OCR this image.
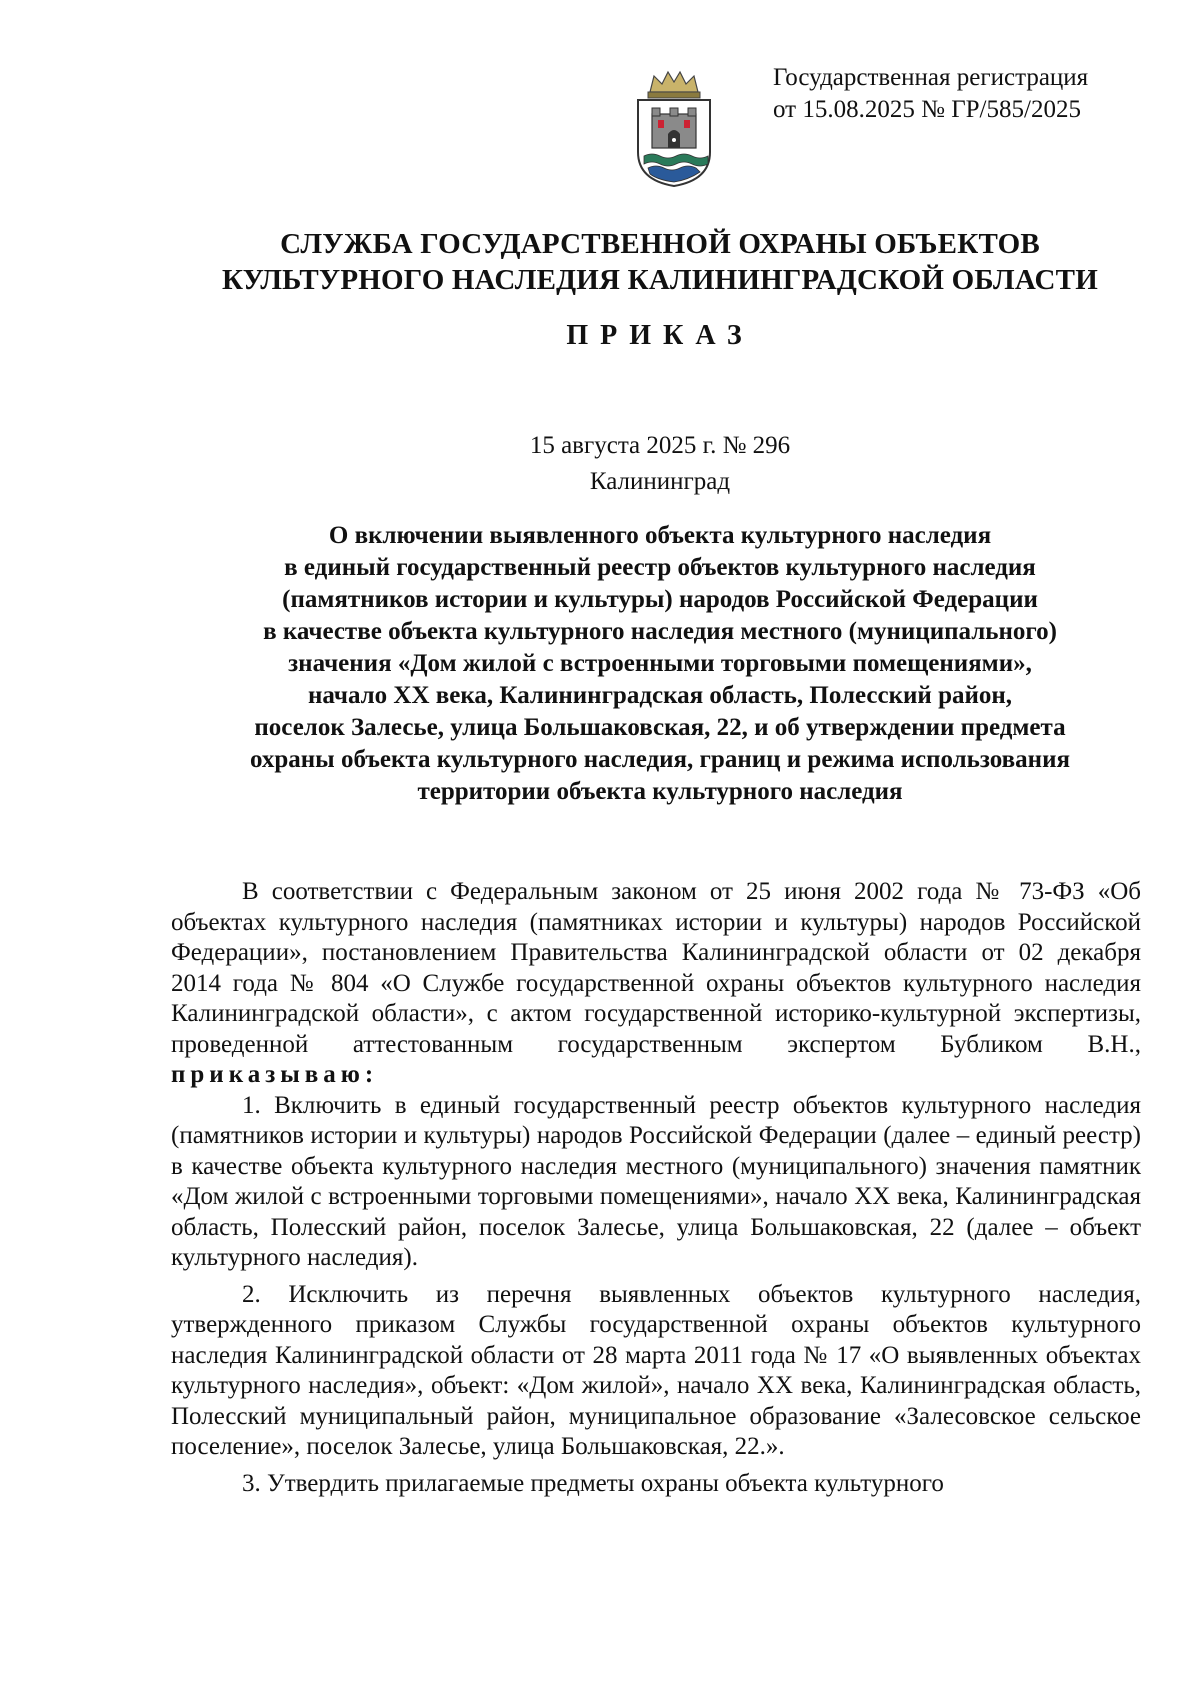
Государственная регистрация
от 15.08.2025 № ГР/585/2025
СЛУЖБА ГОСУДАРСТВЕННОЙ ОХРАНЫ ОБЪЕКТОВ
КУЛЬТУРНОГО НАСЛЕДИЯ КАЛИНИНГРАДСКОЙ ОБЛАСТИ
ПРИКАЗ
15 августа 2025 г. № 296
Калининград
О включении выявленного объекта культурного наследия
в единый государственный реестр объектов культурного наследия
(памятников истории и культуры) народов Российской Федерации
в качестве объекта культурного наследия местного (муниципального)
значения «Дом жилой с встроенными торговыми помещениями»,
начало XX века, Калининградская область, Полесский район,
поселок Залесье, улица Большаковская, 22, и об утверждении предмета
охраны объекта культурного наследия, границ и режима использования
территории объекта культурного наследия

В соответствии с Федеральным законом от 25 июня 2002 года № 73-ФЗ «Об объектах культурного наследия (памятниках истории и культуры) народов Российской Федерации», постановлением Правительства Калининградской области от 02 декабря 2014 года № 804 «О Службе государственной охраны объектов культурного наследия Калининградской области», с актом государственной историко-культурной экспертизы, проведенной аттестованным государственным экспертом Бубликом В.Н., приказываю:

1. Включить в единый государственный реестр объектов культурного наследия (памятников истории и культуры) народов Российской Федерации (далее – единый реестр) в качестве объекта культурного наследия местного (муниципального) значения памятник «Дом жилой с встроенными торговыми помещениями», начало XX века, Калининградская область, Полесский район, поселок Залесье, улица Большаковская, 22 (далее – объект культурного наследия).

2. Исключить из перечня выявленных объектов культурного наследия, утвержденного приказом Службы государственной охраны объектов культурного наследия Калининградской области от 28 марта 2011 года № 17 «О выявленных объектах культурного наследия», объект: «Дом жилой», начало XX века, Калининградская область, Полесский муниципальный район, муниципальное образование «Залесовское сельское поселение», поселок Залесье, улица Большаковская, 22.».

3. Утвердить прилагаемые предметы охраны объекта культурного
